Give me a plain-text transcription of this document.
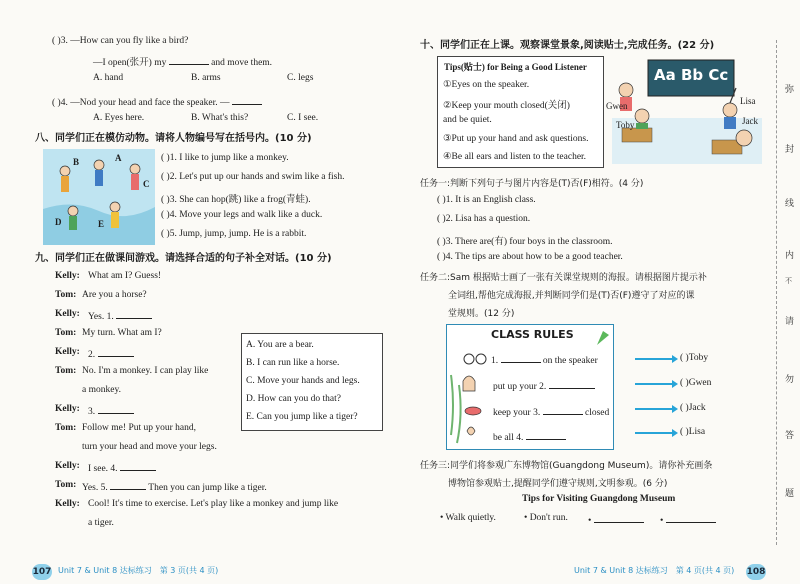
( )3. —How can you fly like a bird?
—I open(张开) my	and move them.
A. hand	B. arms	C. legs
( )4. —Nod your head and face the speaker. —
A. Eyes here.	B. What's this?	C. I see.
八、同学们正在模仿动物。请将人物编号写在括号内。(10 分)
B	A
C
D	E
( )1. I like to jump like a monkey.
( )2. Let's put up our hands and swim like a fish.
( )3. She can hop(跳) like a frog(青蛙).
( )4. Move your legs and walk like a duck.
( )5. Jump, jump, jump. He is a rabbit.
九、同学们正在做课间游戏。请选择合适的句子补全对话。(10 分)
Kelly: What am I? Guess!
Tom: Are you a horse?
Kelly: Yes. 1.
Tom: My turn. What am I?
Kelly: 2.
Tom: No. I'm a monkey. I can play like
a monkey.
Kelly: 3.
Tom: Follow me! Put up your hand,
turn your head and move your legs.
Kelly: I see. 4.
Tom: Yes. 5.	Then you can jump like a tiger.
Kelly: Cool! It's time to exercise. Let's play like a monkey and jump like
a tiger.
A. You are a bear.
B. I can run like a horse.
C. Move your hands and legs.
D. How can you do that?
E. Can you jump like a tiger?
107 Unit 7 & Unit 8 达标练习　第 3 页(共 4 页)
十、同学们正在上课。观察课堂景象,阅读贴士,完成任务。(22 分)
Tips(贴士) for Being a Good Listener
①Eyes on the speaker.
②Keep your mouth closed(关闭)
and be quiet.
③Put up your hand and ask questions.
④Be all ears and listen to the teacher.
Aa Bb Cc
Gwen	Lisa
Toby	Jack
任务一:判断下列句子与图片内容是(T)否(F)相符。(4 分)
( )1. It is an English class.
( )2. Lisa has a question.
( )3. There are(有) four boys in the classroom.
( )4. The tips are about how to be a good teacher.
任务二:Sam 根据贴士画了一张有关课堂规则的海报。请根据图片提示补
全词组,帮他完成海报,并判断同学们是(T)否(F)遵守了对应的课
堂规则。(12 分)
CLASS RULES
1.	on the speaker
put up your 2.
keep your 3.	closed
be all 4.
( )Toby
( )Gwen
( )Jack
( )Lisa
任务三:同学们将参观广东博物馆(Guangdong Museum)。请你补充画条
博物馆参观贴士,提醒同学们遵守规则,文明参观。(6 分)
Tips for Visiting Guangdong Museum
• Walk quietly.	• Don't run. •	•
Unit 7 & Unit 8 达标练习　第 4 页(共 4 页) 108
弥
封
线
内
不
请
勿
答
题
